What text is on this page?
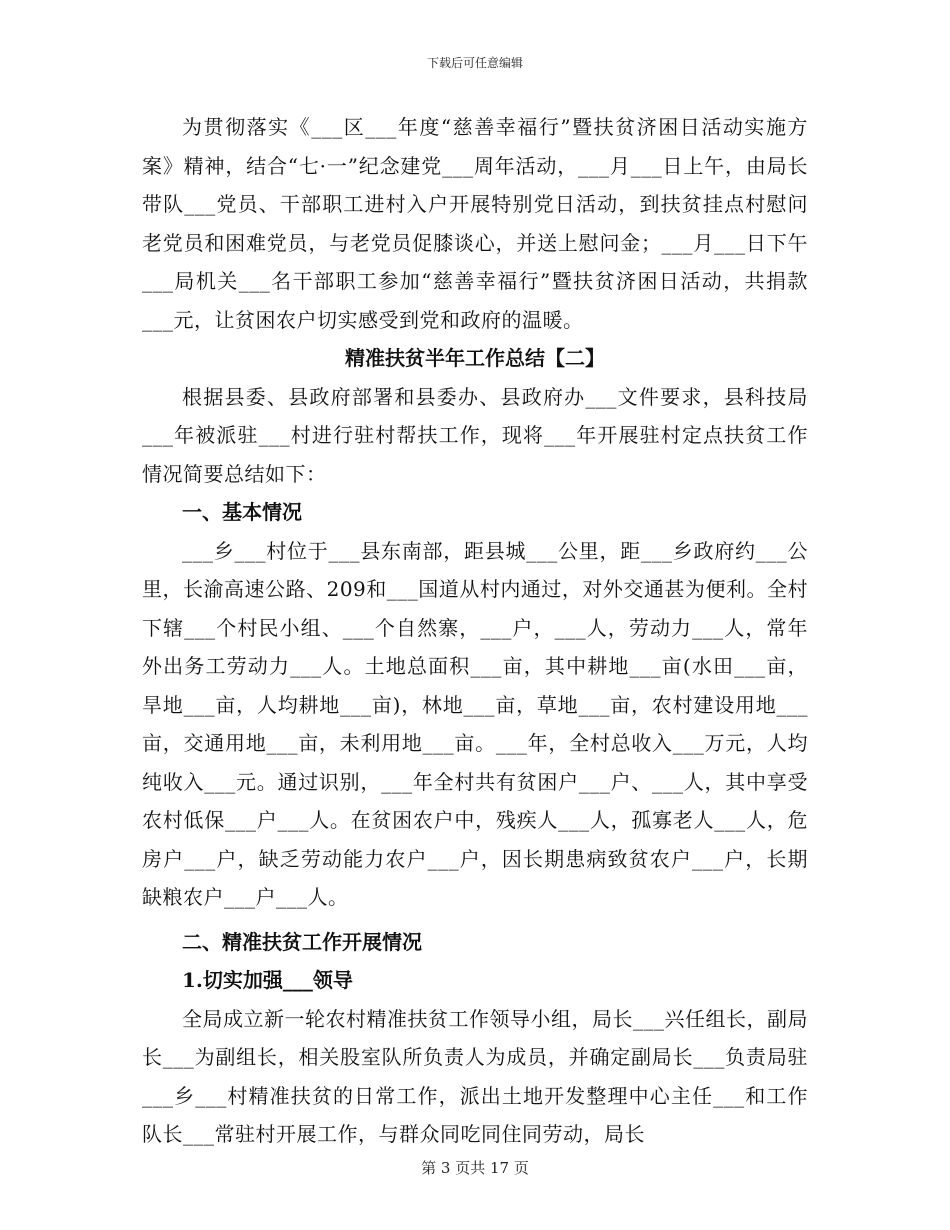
下载后可任意编辑

为贯彻落实《___区___年度“慈善幸福行”暨扶贫济困日活动实施方案》精神，结合“七·一”纪念建党___周年活动，___月___日上午，由局长带队___党员、干部职工进村入户开展特别党日活动，到扶贫挂点村慰问老党员和困难党员，与老党员促膝谈心，并送上慰问金；___月___日下午___局机关___名干部职工参加“慈善幸福行”暨扶贫济困日活动，共捐款___元，让贫困农户切实感受到党和政府的温暖。

精准扶贫半年工作总结【二】

根据县委、县政府部署和县委办、县政府办___文件要求，县科技局___年被派驻___村进行驻村帮扶工作，现将___年开展驻村定点扶贫工作情况简要总结如下：

一、基本情况

___乡___村位于___县东南部，距县城___公里，距___乡政府约___公里，长渝高速公路、209和___国道从村内通过，对外交通甚为便利。全村下辖___个村民小组、___个自然寨，___户，___人，劳动力___人，常年外出务工劳动力___人。土地总面积___亩，其中耕地___亩(水田___亩，旱地___亩，人均耕地___亩)，林地___亩，草地___亩，农村建设用地___亩，交通用地___亩，未利用地___亩。___年，全村总收入___万元，人均纯收入___元。通过识别，___年全村共有贫困户___户、___人，其中享受农村低保___户___人。在贫困农户中，残疾人___人，孤寡老人___人，危房户___户，缺乏劳动能力农户___户，因长期患病致贫农户___户，长期缺粮农户___户___人。

二、精准扶贫工作开展情况
1.切实加强___领导

全局成立新一轮农村精准扶贫工作领导小组，局长___兴任组长，副局长___为副组长，相关股室队所负责人为成员，并确定副局长___负责局驻___乡___村精准扶贫的日常工作，派出土地开发整理中心主任___和工作队长___常驻村开展工作，与群众同吃同住同劳动，局长

第 3 页共 17 页
